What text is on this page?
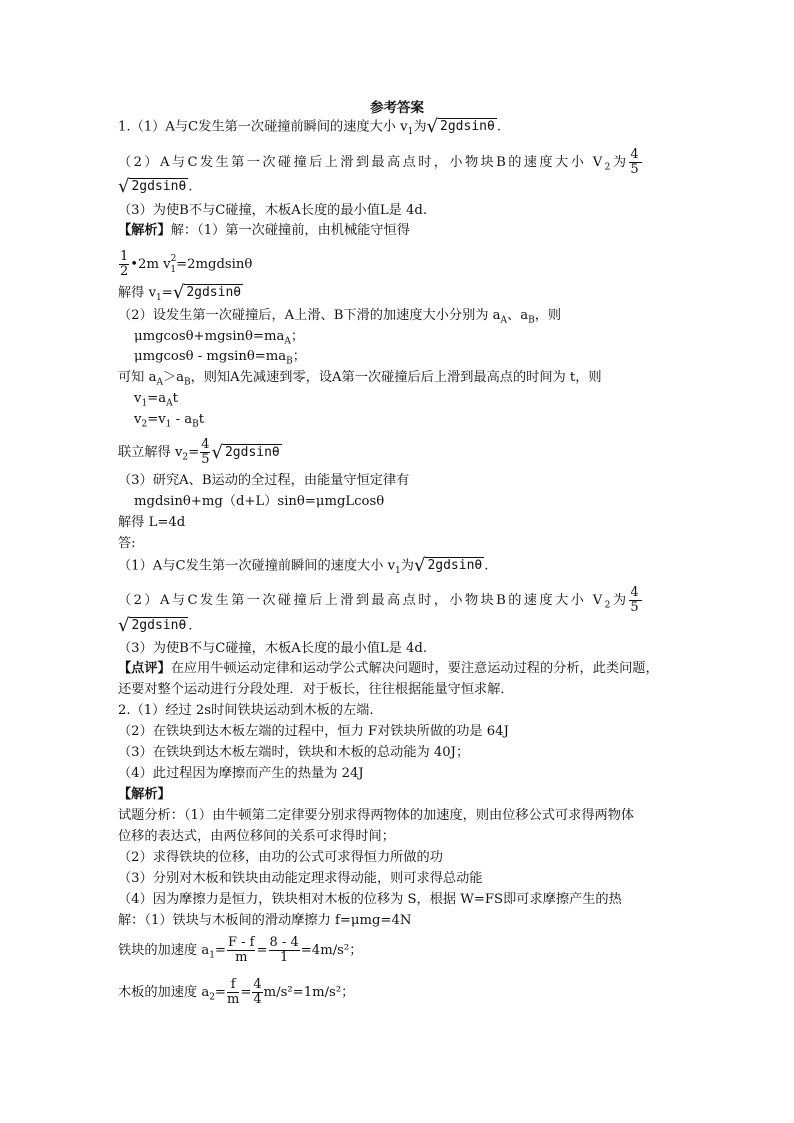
参考答案
1.（1）A与C发生第一次碰撞前瞬间的速度大小 $v_1$为√ 2gdsinθ .
（2）A与C发生第一次碰撞后上滑到最高点时，小物块B的速度大小 $V_2$为 $\frac{4}{5}$
√ 2gdsinθ .
（3）为使B不与C碰撞，木板A长度的最小值L是 4d.
【解析】解：（1）第一次碰撞前，由机械能守恒得
$\frac{1}{2}$ •2m $v^2_1=2mgdsin\theta$
解得 $v_1=√$ 2gdsinθ
（2）设发生第一次碰撞后，A上滑、B下滑的加速度大小分别为 $a_A$、$a_B$，则
$\mu mgcos\theta+mgsin\theta=ma_A$；
$\mu mgcos\theta - mgsin\theta=ma_B$；
可知 $a_A>a_B$，则知A先减速到零，设A第一次碰撞后后上滑到最高点的时间为 t，则
$v_1=a_At$
$v_2=v_1 - a_Bt$
联立解得 $v_2= \frac{4}{5}$ √ 2gdsinθ
（3）研究A、B运动的全过程，由能量守恒定律有
mgdsinθ+mg（d+L）sinθ=μmgLcosθ
解得 L=4d
答:
（1）A与C发生第一次碰撞前瞬间的速度大小 $v_1$为√ 2gdsinθ .
（2）A与C发生第一次碰撞后上滑到最高点时，小物块B的速度大小 $V_2$为 $\frac{4}{5}$
√ 2gdsinθ .
（3）为使B不与C碰撞，木板A长度的最小值L是 4d.
【点评】在应用牛顿运动定律和运动学公式解决问题时，要注意运动过程的分析，此类问题，
还要对整个运动进行分段处理．对于板长，往往根据能量守恒求解．
2.（1）经过 2s时间铁块运动到木板的左端.
（2）在铁块到达木板左端的过程中，恒力 F对铁块所做的功是 64J
（3）在铁块到达木板左端时，铁块和木板的总动能为 40J；
（4）此过程因为摩擦而产生的热量为 24J
【解析】
试题分析：（1）由牛顿第二定律要分别求得两物体的加速度，则由位移公式可求得两物体
位移的表达式，由两位移间的关系可求得时间；
（2）求得铁块的位移，由功的公式可求得恒力所做的功
（3）分别对木板和铁块由动能定理求得动能，则可求得总动能
（4）因为摩擦力是恒力，铁块相对木板的位移为 S，根据 W=FS即可求摩擦产生的热
解：（1）铁块与木板间的滑动摩擦力 f=μmg=4N
铁块的加速度 $a_1= \frac{F - f}{m} = \frac{8 - 4}{1} =4m/s^2$；
木板的加速度 $a_2= \frac{f}{m} = \frac{4}{4} m/s^2=1m/s^2$；
